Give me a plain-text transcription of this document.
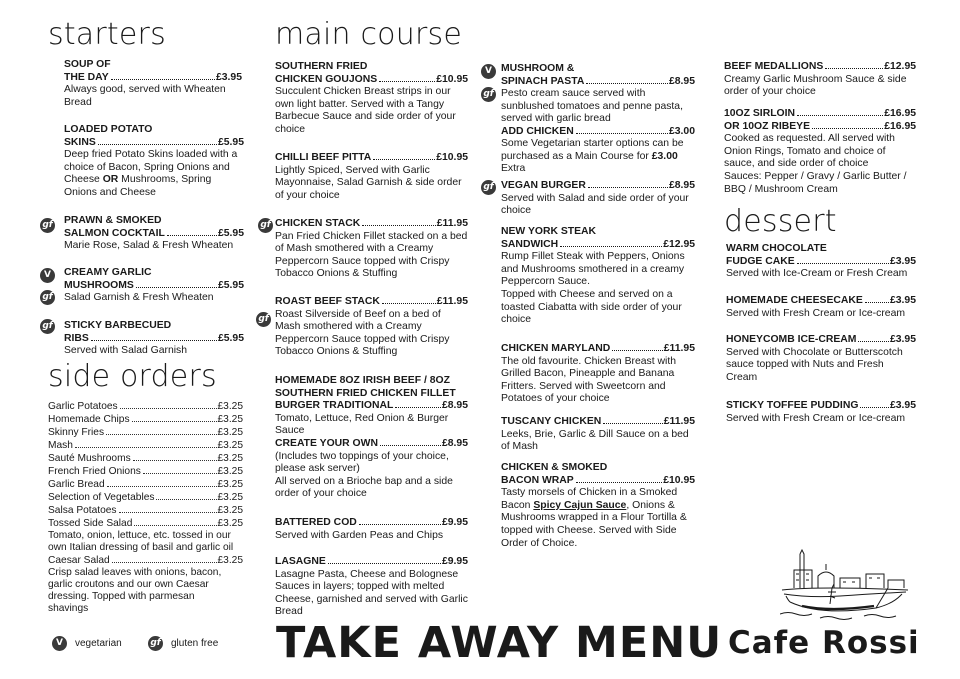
starters
SOUP OF
THE DAY	£3.95
Always good, served with Wheaten Bread
LOADED POTATO
SKINS	£5.95
Deep fried Potato Skins loaded with a choice of Bacon, Spring Onions and Cheese OR Mushrooms, Spring Onions and Cheese
gf PRAWN & SMOKED
SALMON COCKTAIL	£5.95
Marie Rose, Salad & Fresh Wheaten
V
gf
CREAMY GARLIC
MUSHROOMS	£5.95
Salad Garnish & Fresh Wheaten
gf STICKY BARBECUED
RIBS	£5.95
Served with Salad Garnish
side orders
Garlic Potatoes	£3.25
Homemade Chips	£3.25
Skinny Fries	£3.25
Mash	£3.25
Sauté Mushrooms	£3.25
French Fried Onions	£3.25
Garlic Bread	£3.25
Selection of Vegetables	£3.25
Salsa Potatoes	£3.25
Tossed Side Salad	£3.25
Tomato, onion, lettuce, etc. tossed in our own Italian dressing of basil and garlic oil
Caesar Salad	£3.25
Crisp salad leaves with onions, bacon, garlic croutons and our own Caesar dressing. Topped with parmesan shavings
V	vegetarian	gf gluten free
main course
SOUTHERN FRIED
CHICKEN GOUJONS	£10.95
Succulent Chicken Breast strips in our own light batter. Served with a Tangy Barbecue Sauce and side order of your choice
CHILLI BEEF PITTA	£10.95
Lightly Spiced, Served with Garlic Mayonnaise, Salad Garnish & side order of your choice
gf CHICKEN STACK	£11.95
Pan Fried Chicken Fillet stacked on a bed of Mash smothered with a Creamy Peppercorn Sauce topped with Crispy Tobacco Onions & Stuffing
gf
ROAST BEEF STACK	£11.95
Roast Silverside of Beef on a bed of Mash smothered with a Creamy Peppercorn Sauce topped with Crispy Tobacco Onions & Stuffing
HOMEMADE 8OZ IRISH BEEF / 8OZ
SOUTHERN FRIED CHICKEN FILLET
BURGER TRADITIONAL	£8.95
Tomato, Lettuce, Red Onion & Burger Sauce
CREATE YOUR OWN	£8.95
(Includes two toppings of your choice, please ask server)
All served on a Brioche bap and a side order of your choice
BATTERED COD	£9.95
Served with Garden Peas and Chips
LASAGNE	£9.95
Lasagne Pasta, Cheese and Bolognese Sauces in layers; topped with melted Cheese, garnished and served with Garlic Bread
V
gf
MUSHROOM &
SPINACH PASTA	£8.95
Pesto cream sauce served with sunblushed tomatoes and penne pasta, served with garlic bread
ADD CHICKEN	£3.00
Some Vegetarian starter options can be purchased as a Main Course for £3.00
Extra
gf VEGAN BURGER	£8.95
Served with Salad and side order of your choice
NEW YORK STEAK
SANDWICH	£12.95
Rump Fillet Steak with Peppers, Onions and Mushrooms smothered in a creamy Peppercorn Sauce.
Topped with Cheese and served on a toasted Ciabatta with side order of your choice
CHICKEN MARYLAND	£11.95
The old favourite. Chicken Breast with Grilled Bacon, Pineapple and Banana Fritters. Served with Sweetcorn and Potatoes of your choice
TUSCANY CHICKEN	£11.95
Leeks, Brie, Garlic & Dill Sauce on a bed of Mash
CHICKEN & SMOKED
BACON WRAP	£10.95
Tasty morsels of Chicken in a Smoked Bacon Spicy Cajun Sauce, Onions & Mushrooms wrapped in a Flour Tortilla & topped with Cheese. Served with Side Order of Choice.
BEEF MEDALLIONS	£12.95
Creamy Garlic Mushroom Sauce & side order of your choice
10OZ SIRLOIN	£16.95
OR 10OZ RIBEYE	£16.95
Cooked as requested. All served with Onion Rings, Tomato and choice of sauce, and side order of choice
Sauces: Pepper / Gravy / Garlic Butter / BBQ / Mushroom Cream
dessert
WARM CHOCOLATE
FUDGE CAKE	£3.95
Served with Ice-Cream or Fresh Cream
HOMEMADE CHEESECAKE	£3.95
Served with Fresh Cream or Ice-cream
HONEYCOMB ICE-CREAM	£3.95
Served with Chocolate or Butterscotch sauce topped with Nuts and Fresh Cream
STICKY TOFFEE PUDDING	£3.95
Served with Fresh Cream or Ice-cream
TAKE AWAY MENU Cafe Rossi
